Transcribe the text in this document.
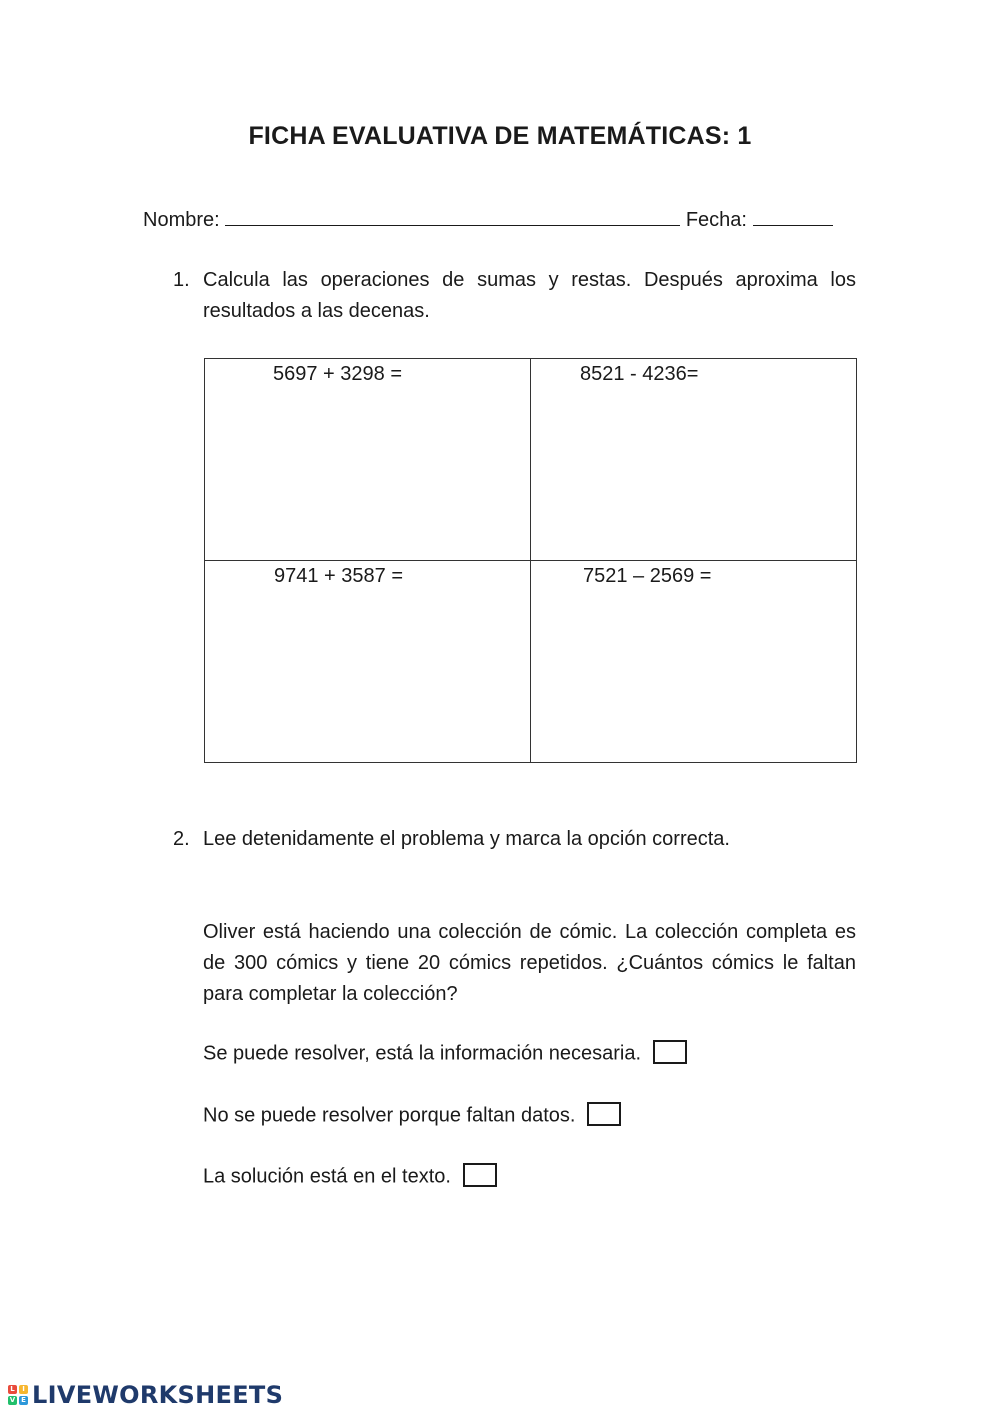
FICHA EVALUATIVA DE MATEMÁTICAS: 1
Nombre:	Fecha:
1. Calcula las operaciones de sumas y restas. Después aproxima los resultados a las decenas.
5697 + 3298 =	8521 - 4236=

9741 + 3587 =	7521 – 2569 =
2. Lee detenidamente el problema y marca la opción correcta.

Oliver está haciendo una colección de cómic. La colección completa es de 300 cómics y tiene 20 cómics repetidos. ¿Cuántos cómics le faltan para completar la colección?

Se puede resolver, está la información necesaria.
No se puede resolver porque faltan datos.
La solución está en el texto.
L	I
V E LIVEWORKSHEETS
